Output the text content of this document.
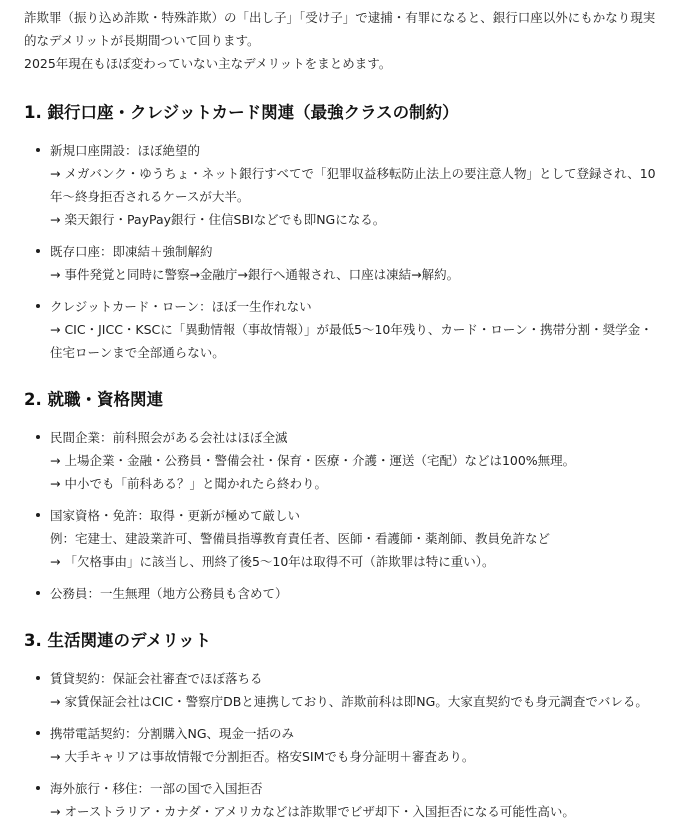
詐欺罪（振り込め詐欺・特殊詐欺）の「出し子」「受け子」で逮捕・有罪になると、銀行口座以外にもかなり現実的なデメリットが長期間ついて回ります。

2025年現在もほぼ変わっていない主なデメリットをまとめます。

1. 銀行口座・クレジットカード関連（最強クラスの制約）
新規口座開設：ほぼ絶望的
→ メガバンク・ゆうちょ・ネット銀行すべてで「犯罪収益移転防止法上の要注意人物」として登録され、10年〜終身拒否されるケースが大半。
→ 楽天銀行・PayPay銀行・住信SBIなどでも即NGになる。
既存口座：即凍結＋強制解約
→ 事件発覚と同時に警察→金融庁→銀行へ通報され、口座は凍結→解約。
クレジットカード・ローン：ほぼ一生作れない
→ CIC・JICC・KSCに「異動情報（事故情報）」が最低5〜10年残り、カード・ローン・携帯分割・奨学金・住宅ローンまで全部通らない。
2. 就職・資格関連
民間企業：前科照会がある会社はほぼ全滅
→ 上場企業・金融・公務員・警備会社・保育・医療・介護・運送（宅配）などは100%無理。
→ 中小でも「前科ある？」と聞かれたら終わり。
国家資格・免許：取得・更新が極めて厳しい
例：宅建士、建設業許可、警備員指導教育責任者、医師・看護師・薬剤師、教員免許など
→ 「欠格事由」に該当し、刑終了後5〜10年は取得不可（詐欺罪は特に重い）。
公務員：一生無理（地方公務員も含めて）
3. 生活関連のデメリット
賃貸契約：保証会社審査でほぼ落ちる
→ 家賃保証会社はCIC・警察庁DBと連携しており、詐欺前科は即NG。大家直契約でも身元調査でバレる。
携帯電話契約：分割購入NG、現金一括のみ
→ 大手キャリアは事故情報で分割拒否。格安SIMでも身分証明＋審査あり。
海外旅行・移住：一部の国で入国拒否
→ オーストラリア・カナダ・アメリカなどは詐欺罪でビザ却下・入国拒否になる可能性高い。
